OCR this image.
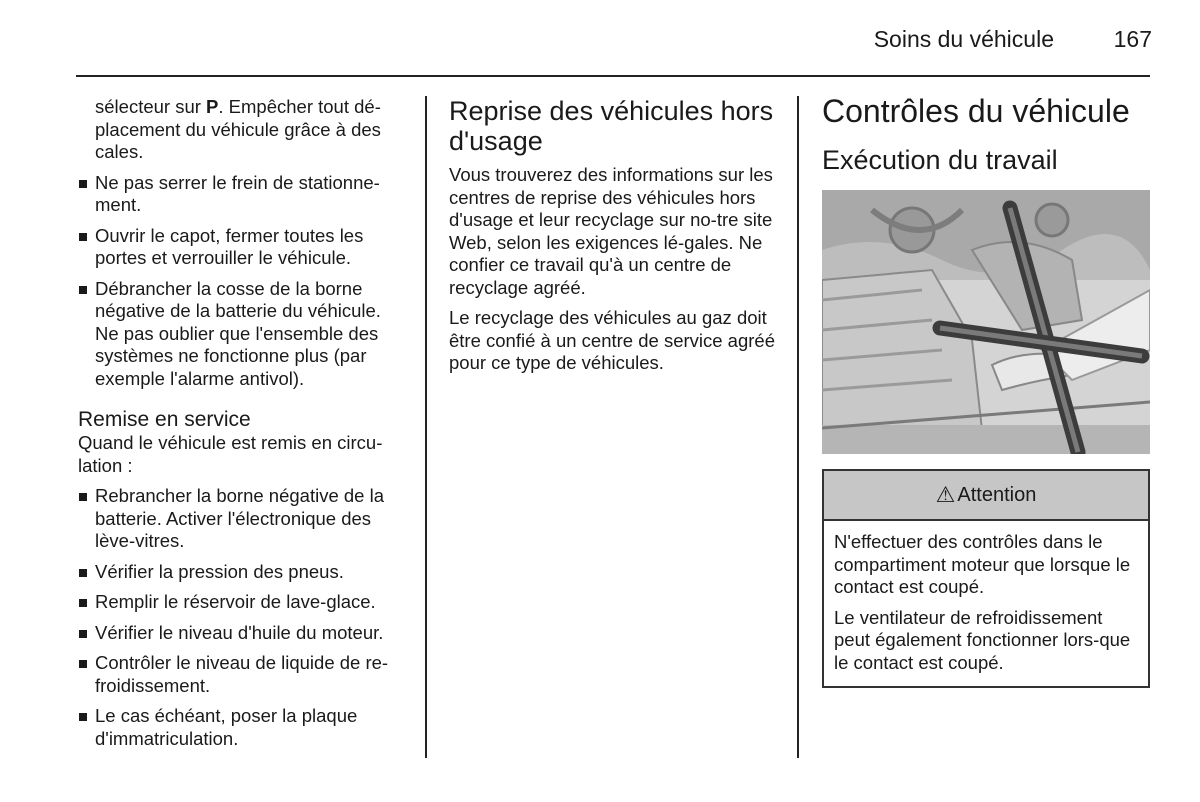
Soins du véhicule	167

sélecteur sur P. Empêcher tout dé-placement du véhicule grâce à des cales.

Ne pas serrer le frein de stationne-ment.
Ouvrir le capot, fermer toutes les portes et verrouiller le véhicule.
Débrancher la cosse de la borne négative de la batterie du véhicule. Ne pas oublier que l'ensemble des systèmes ne fonctionne plus (par exemple l'alarme antivol).
Remise en service

Quand le véhicule est remis en circu-lation :

Rebrancher la borne négative de la batterie. Activer l'électronique des lève-vitres.
Vérifier la pression des pneus.
Remplir le réservoir de lave-glace.
Vérifier le niveau d'huile du moteur.
Contrôler le niveau de liquide de re-froidissement.
Le cas échéant, poser la plaque d'immatriculation.
Reprise des véhicules hors d'usage

Vous trouverez des informations sur les centres de reprise des véhicules hors d'usage et leur recyclage sur no-tre site Web, selon les exigences lé-gales. Ne confier ce travail qu'à un centre de recyclage agréé.

Le recyclage des véhicules au gaz doit être confié à un centre de service agréé pour ce type de véhicules.

Contrôles du véhicule
Exécution du travail
⚠ Attention

N'effectuer des contrôles dans le compartiment moteur que lorsque le contact est coupé.

Le ventilateur de refroidissement peut également fonctionner lors-que le contact est coupé.
